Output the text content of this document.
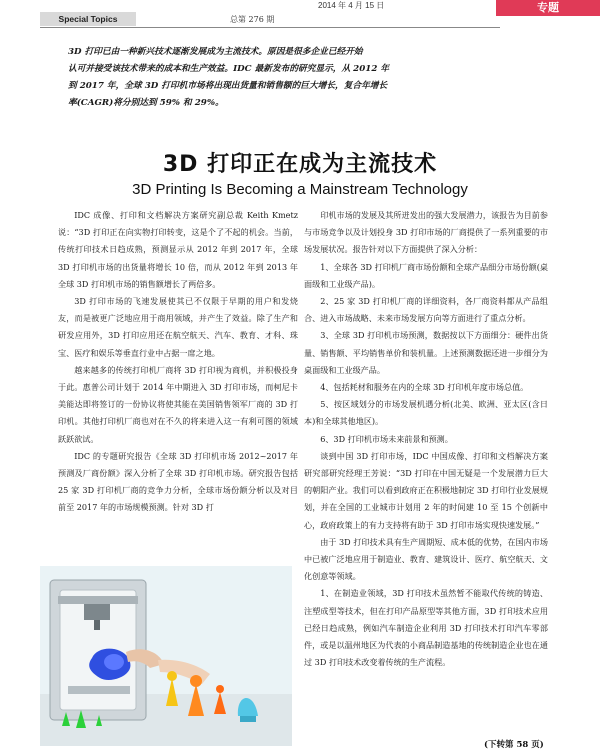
2014 年 4 月 15 日	专题
Special Topics	总第 276 期
3D 打印已由一种新兴技术逐渐发展成为主流技术。原因是很多企业已经开始
认可并接受该技术带来的成本和生产效益。IDC 最新发布的研究显示，从 2012 年
到 2017 年，全球 3D 打印机市场将出现出货量和销售额的巨大增长，复合年增长
率(CAGR)将分别达到 59% 和 29%。
3D 打印正在成为主流技术
3D Printing Is Becoming a Mainstream Technology

IDC 成像、打印和文档解决方案研究副总裁 Keith Kmetz 说：“3D 打印正在向实物打印转变，这是个了不起的机会。当前，传统打印技术日趋成熟，预测显示从 2012 年到 2017 年，全球 3D 打印机市场的出货量将增长 10 倍，而从 2012 年到 2013 年全球 3D 打印机市场的销售额增长了两倍多。

3D 打印市场的飞速发展使其已不仅限于早期的用户和发烧友，而是被更广泛地应用于商用领域，并产生了效益。除了生产和研发应用外，3D 打印应用还在航空航天、汽车、教育、才科、珠宝、医疗和娱乐等垂直行业中占据一席之地。

越来越多的传统打印机厂商将 3D 打印视为商机，并积极投身于此。惠普公司计划于 2014 年中期进入 3D 打印市场，而柯尼卡美能达即将签订的一份协议将使其能在美国销售领军厂商的 3D 打印机。其他打印机厂商也对在不久的将来进入这一有利可图的领域跃跃欲试。

IDC 的专题研究报告《全球 3D 打印机市场 2012~2017 年预测及厂商份额》深入分析了全球 3D 打印机市场。研究报告包括 25 家 3D 打印机厂商的竞争力分析，全球市场份额分析以及对目前至 2017 年的市场规模预测。针对 3D 打

印机市场的发展及其所迸发出的强大发展潜力，该报告为目前参与市场竞争以及计划投身 3D 打印市场的厂商提供了一系列重要的市场发展状况。报告针对以下方面提供了深入分析：

1、全球各 3D 打印机厂商市场份额和全球产品细分市场份额(桌面级和工业级产品)。

2、25 家 3D 打印机厂商的详细资料，各厂商资料都从产品组合、进入市场战略、未来市场发展方向等方面进行了重点分析。

3、全球 3D 打印机市场预测，数据按以下方面细分：硬件出货量、销售额、平均销售单价和装机量。上述预测数据还进一步细分为桌面级和工业级产品。

4、包括耗材和服务在内的全球 3D 打印机年度市场总值。

5、按区域划分的市场发展机遇分析(北美、欧洲、亚太区(含日本)和全球其他地区)。

6、3D 打印机市场未来前景和预测。

谈到中国 3D 打印市场，IDC 中国成像、打印和文档解决方案研究部研究经理王芳说：“3D 打印在中国无疑是一个发展潜力巨大的朝阳产业。我们可以看到政府正在积极地制定 3D 打印行业发展规划，并在全国的工业城市计划用 2 年的时间建 10 至 15 个创新中心，政府政策上的有力支持将有助于 3D 打印市场实现快速发展。”

由于 3D 打印技术具有生产周期短、成本低的优势，在国内市场中已被广泛地应用于制造业、教育、建筑设计、医疗、航空航天、文化创意等领域。

1、在制造业领域，3D 打印技术虽然暂不能取代传统的铸造、注塑成型等技术，但在打印产品原型等其他方面，3D 打印技术应用已经日趋成熟，例如汽车制造企业利用 3D 打印技术打印汽车零部件，或是以温州地区为代表的小商品制造基地的传统制造企业也在通过 3D 打印技术改变着传统的生产流程。

(下转第 58 页)
